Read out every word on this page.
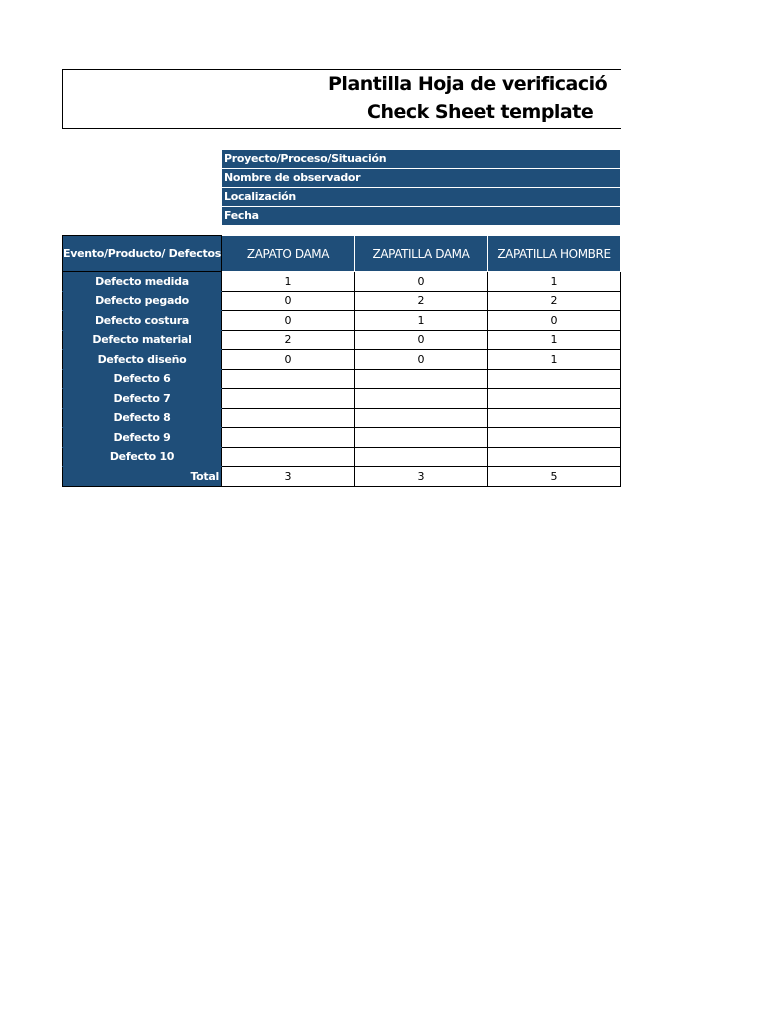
Plantilla Hoja de verificació
Check Sheet template
Proyecto/Proceso/Situación
Nombre de observador
Localización
Fecha
Evento/Producto/ Defectos	ZAPATO DAMA	ZAPATILLA DAMA	ZAPATILLA HOMBRE
Defecto medida	1	0	1
Defecto pegado	0	2	2
Defecto costura	0	1	0
Defecto material	2	0	1
Defecto diseño	0	0	1
Defecto 6			
Defecto 7			
Defecto 8			
Defecto 9			
Defecto 10			
Total	3	3	5
